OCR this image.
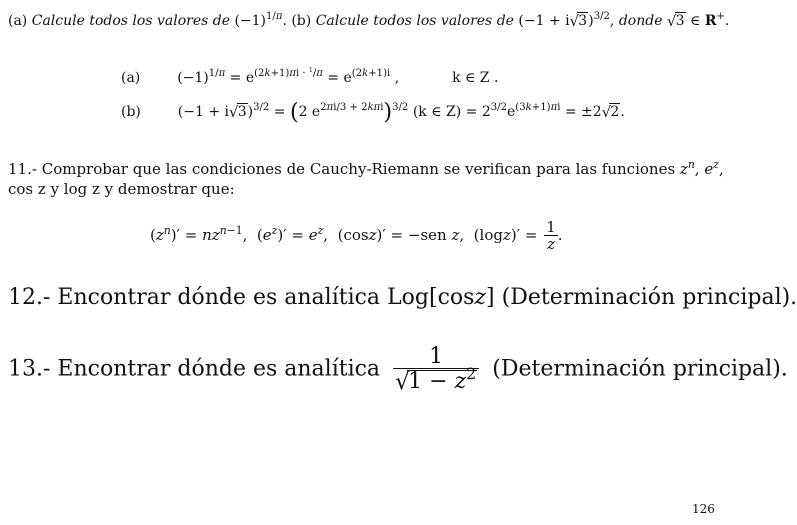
(a) Calcule todos los valores de $(-1)^{1/\pi}$. (b) Calcule todos los valores de (−1 + i √ 3)$^{3/2}$, donde √ 3 ∈ R+.
(a)	$(-1)^{1/\pi} = e^{(2k+1)\pi i \cdot ^1/\pi} = e^{(2k+1)i}$ ,	k ∈ Z .
(b)	(−1 + i √ 3)$^{3/2}$ = (2 $e^{2\pi i/3 + 2k\pi i})^{3/2}$ (k ∈ $Z) = 2^{3/2}e^{(3k+1)\pi i} = \pm 2$ √ 2.
11.- Comprobar que las condiciones de Cauchy-Riemann se verifican para las funciones $z^n$, $e^z$,
cos z y log z y demostrar que:
$(z^n)' = nz^{n-1}$,  $(e^z)' = e^z$,  (cosz)′ = −sen z,  $(\log z)' = \frac{1}{z}$ .
12.- Encontrar dónde es analítica Log[cosz] (Determinación principal).
13.- Encontrar dónde es analítica 1
√
$1 - z^2$ (Determinación principal).
126
